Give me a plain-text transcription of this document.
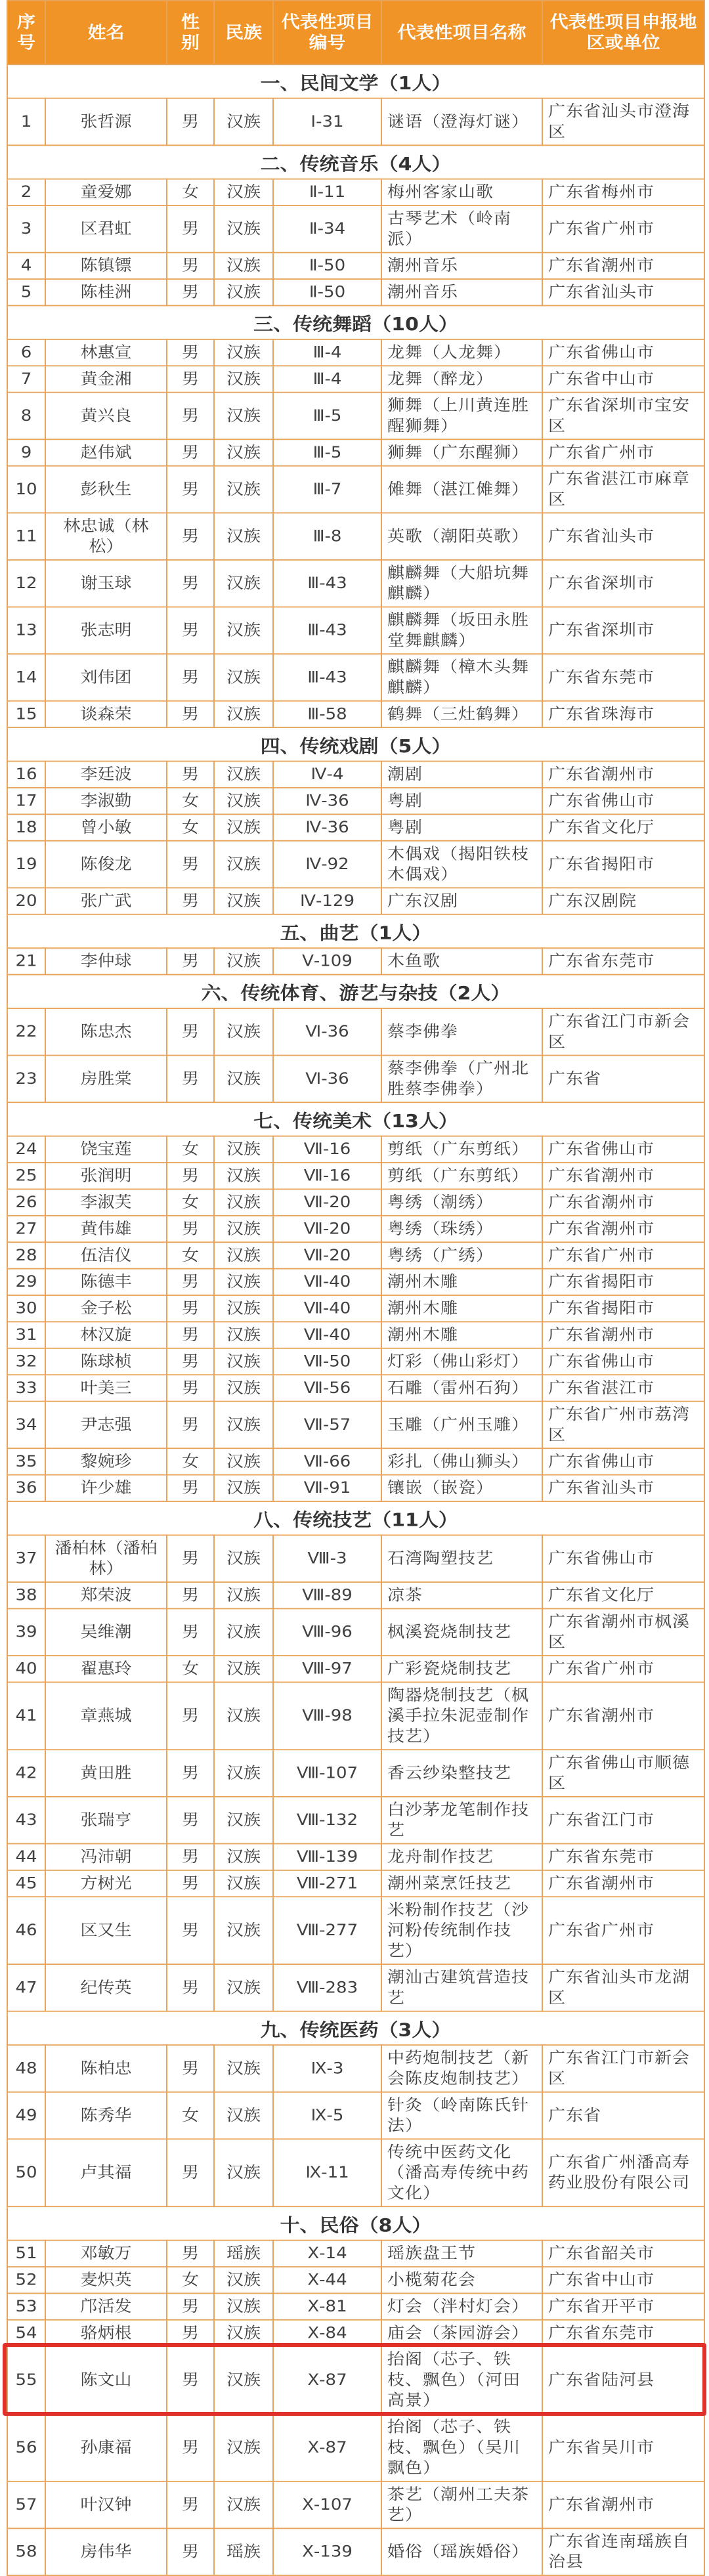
序号	姓名	性别	民族	代表性项目编号	代表性项目名称	代表性项目申报地区或单位
一、民间文学（1人）						
1	张哲源	男	汉族	Ⅰ-31	谜语（澄海灯谜）	广东省汕头市澄海区
二、传统音乐（4人）						
2	童爱娜	女	汉族	Ⅱ-11	梅州客家山歌	广东省梅州市
3	区君虹	男	汉族	Ⅱ-34	古琴艺术（岭南派）	广东省广州市
4	陈镇镖	男	汉族	Ⅱ-50	潮州音乐	广东省潮州市
5	陈桂洲	男	汉族	Ⅱ-50	潮州音乐	广东省汕头市
三、传统舞蹈（10人）						
6	林惠宣	男	汉族	Ⅲ-4	龙舞（人龙舞）	广东省佛山市
7	黄金湘	男	汉族	Ⅲ-4	龙舞（醉龙）	广东省中山市
8	黄兴良	男	汉族	Ⅲ-5	狮舞（上川黄连胜醒狮舞）	广东省深圳市宝安区
9	赵伟斌	男	汉族	Ⅲ-5	狮舞（广东醒狮）	广东省广州市
10	彭秋生	男	汉族	Ⅲ-7	傩舞（湛江傩舞）	广东省湛江市麻章区
11	林忠诚（林松）	男	汉族	Ⅲ-8	英歌（潮阳英歌）	广东省汕头市
12	谢玉球	男	汉族	Ⅲ-43	麒麟舞（大船坑舞麒麟）	广东省深圳市
13	张志明	男	汉族	Ⅲ-43	麒麟舞（坂田永胜堂舞麒麟）	广东省深圳市
14	刘伟团	男	汉族	Ⅲ-43	麒麟舞（樟木头舞麒麟）	广东省东莞市
15	谈森荣	男	汉族	Ⅲ-58	鹤舞（三灶鹤舞）	广东省珠海市
四、传统戏剧（5人）						
16	李廷波	男	汉族	Ⅳ-4	潮剧	广东省潮州市
17	李淑勤	女	汉族	Ⅳ-36	粤剧	广东省佛山市
18	曾小敏	女	汉族	Ⅳ-36	粤剧	广东省文化厅
19	陈俊龙	男	汉族	Ⅳ-92	木偶戏（揭阳铁枝木偶戏）	广东省揭阳市
20	张广武	男	汉族	Ⅳ-129	广东汉剧	广东汉剧院
五、曲艺（1人）						
21	李仲球	男	汉族	Ⅴ-109	木鱼歌	广东省东莞市
六、传统体育、游艺与杂技（2人）						
22	陈忠杰	男	汉族	Ⅵ-36	蔡李佛拳	广东省江门市新会区
23	房胜棠	男	汉族	Ⅵ-36	蔡李佛拳（广州北胜蔡李佛拳）	广东省
七、传统美术（13人）						
24	饶宝莲	女	汉族	Ⅶ-16	剪纸（广东剪纸）	广东省佛山市
25	张润明	男	汉族	Ⅶ-16	剪纸（广东剪纸）	广东省潮州市
26	李淑芙	女	汉族	Ⅶ-20	粤绣（潮绣）	广东省潮州市
27	黄伟雄	男	汉族	Ⅶ-20	粤绣（珠绣）	广东省潮州市
28	伍洁仪	女	汉族	Ⅶ-20	粤绣（广绣）	广东省广州市
29	陈德丰	男	汉族	Ⅶ-40	潮州木雕	广东省揭阳市
30	金子松	男	汉族	Ⅶ-40	潮州木雕	广东省揭阳市
31	林汉旋	男	汉族	Ⅶ-40	潮州木雕	广东省潮州市
32	陈球桢	男	汉族	Ⅶ-50	灯彩（佛山彩灯）	广东省佛山市
33	叶美三	男	汉族	Ⅶ-56	石雕（雷州石狗）	广东省湛江市
34	尹志强	男	汉族	Ⅶ-57	玉雕（广州玉雕）	广东省广州市荔湾区
35	黎婉珍	女	汉族	Ⅶ-66	彩扎（佛山狮头）	广东省佛山市
36	许少雄	男	汉族	Ⅶ-91	镶嵌（嵌瓷）	广东省汕头市
八、传统技艺（11人）						
37	潘柏林（潘柏林）	男	汉族	Ⅷ-3	石湾陶塑技艺	广东省佛山市
38	郑荣波	男	汉族	Ⅷ-89	凉茶	广东省文化厅
39	吴维潮	男	汉族	Ⅷ-96	枫溪瓷烧制技艺	广东省潮州市枫溪区
40	翟惠玲	女	汉族	Ⅷ-97	广彩瓷烧制技艺	广东省广州市
41	章燕城	男	汉族	Ⅷ-98	陶器烧制技艺（枫溪手拉朱泥壶制作技艺）	广东省潮州市
42	黄田胜	男	汉族	Ⅷ-107	香云纱染整技艺	广东省佛山市顺德区
43	张瑞亨	男	汉族	Ⅷ-132	白沙茅龙笔制作技艺	广东省江门市
44	冯沛朝	男	汉族	Ⅷ-139	龙舟制作技艺	广东省东莞市
45	方树光	男	汉族	Ⅷ-271	潮州菜烹饪技艺	广东省潮州市
46	区又生	男	汉族	Ⅷ-277	米粉制作技艺（沙河粉传统制作技艺）	广东省广州市
47	纪传英	男	汉族	Ⅷ-283	潮汕古建筑营造技艺	广东省汕头市龙湖区
九、传统医药（3人）						
48	陈柏忠	男	汉族	Ⅸ-3	中药炮制技艺（新会陈皮炮制技艺）	广东省江门市新会区
49	陈秀华	女	汉族	Ⅸ-5	针灸（岭南陈氏针法）	广东省
50	卢其福	男	汉族	Ⅸ-11	传统中医药文化（潘高寿传统中药文化）	广东省广州潘高寿药业股份有限公司
十、民俗（8人）						
51	邓敏万	男	瑶族	Ⅹ-14	瑶族盘王节	广东省韶关市
52	麦炽英	女	汉族	Ⅹ-44	小榄菊花会	广东省中山市
53	邝活发	男	汉族	Ⅹ-81	灯会（泮村灯会）	广东省开平市
54	骆炳根	男	汉族	Ⅹ-84	庙会（茶园游会）	广东省东莞市
55	陈文山	男	汉族	Ⅹ-87	抬阁（芯子、铁枝、飘色）（河田高景）	广东省陆河县
56	孙康福	男	汉族	Ⅹ-87	抬阁（芯子、铁枝、飘色）（吴川飘色）	广东省吴川市
57	叶汉钟	男	汉族	Ⅹ-107	茶艺（潮州工夫茶艺）	广东省潮州市
58	房伟华	男	瑶族	Ⅹ-139	婚俗（瑶族婚俗）	广东省连南瑶族自治县
